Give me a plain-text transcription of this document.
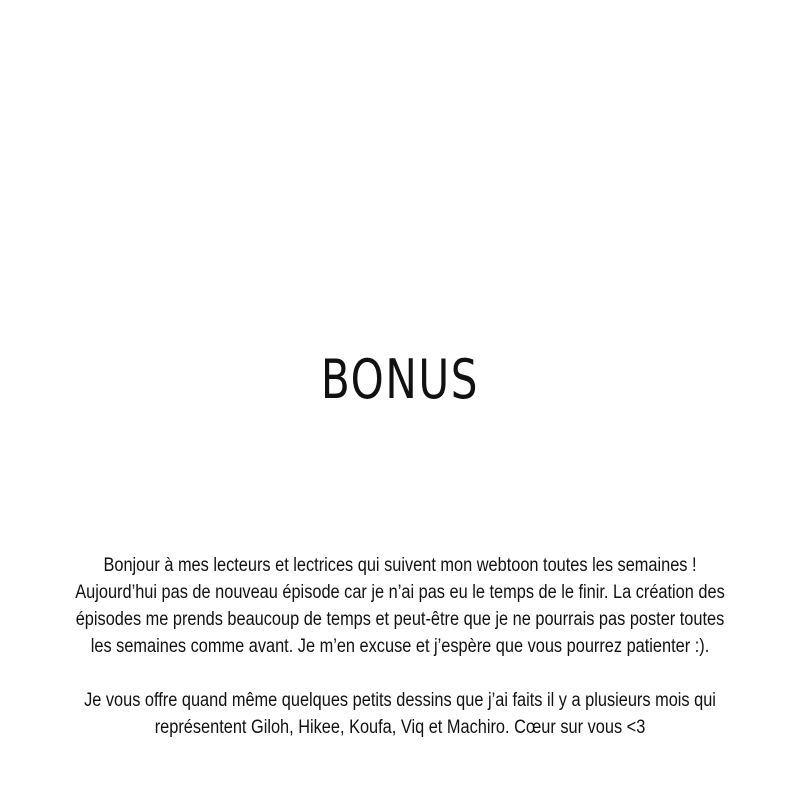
BONUS

Bonjour à mes lecteurs et lectrices qui suivent mon webtoon toutes les semaines !
Aujourd’hui pas de nouveau épisode car je n’ai pas eu le temps de le finir. La création des
épisodes me prends beaucoup de temps et peut-être que je ne pourrais pas poster toutes
les semaines comme avant. Je m’en excuse et j’espère que vous pourrez patienter :).

Je vous offre quand même quelques petits dessins que j’ai faits il y a plusieurs mois qui
représentent Giloh, Hikee, Koufa, Viq et Machiro. Cœur sur vous <3
